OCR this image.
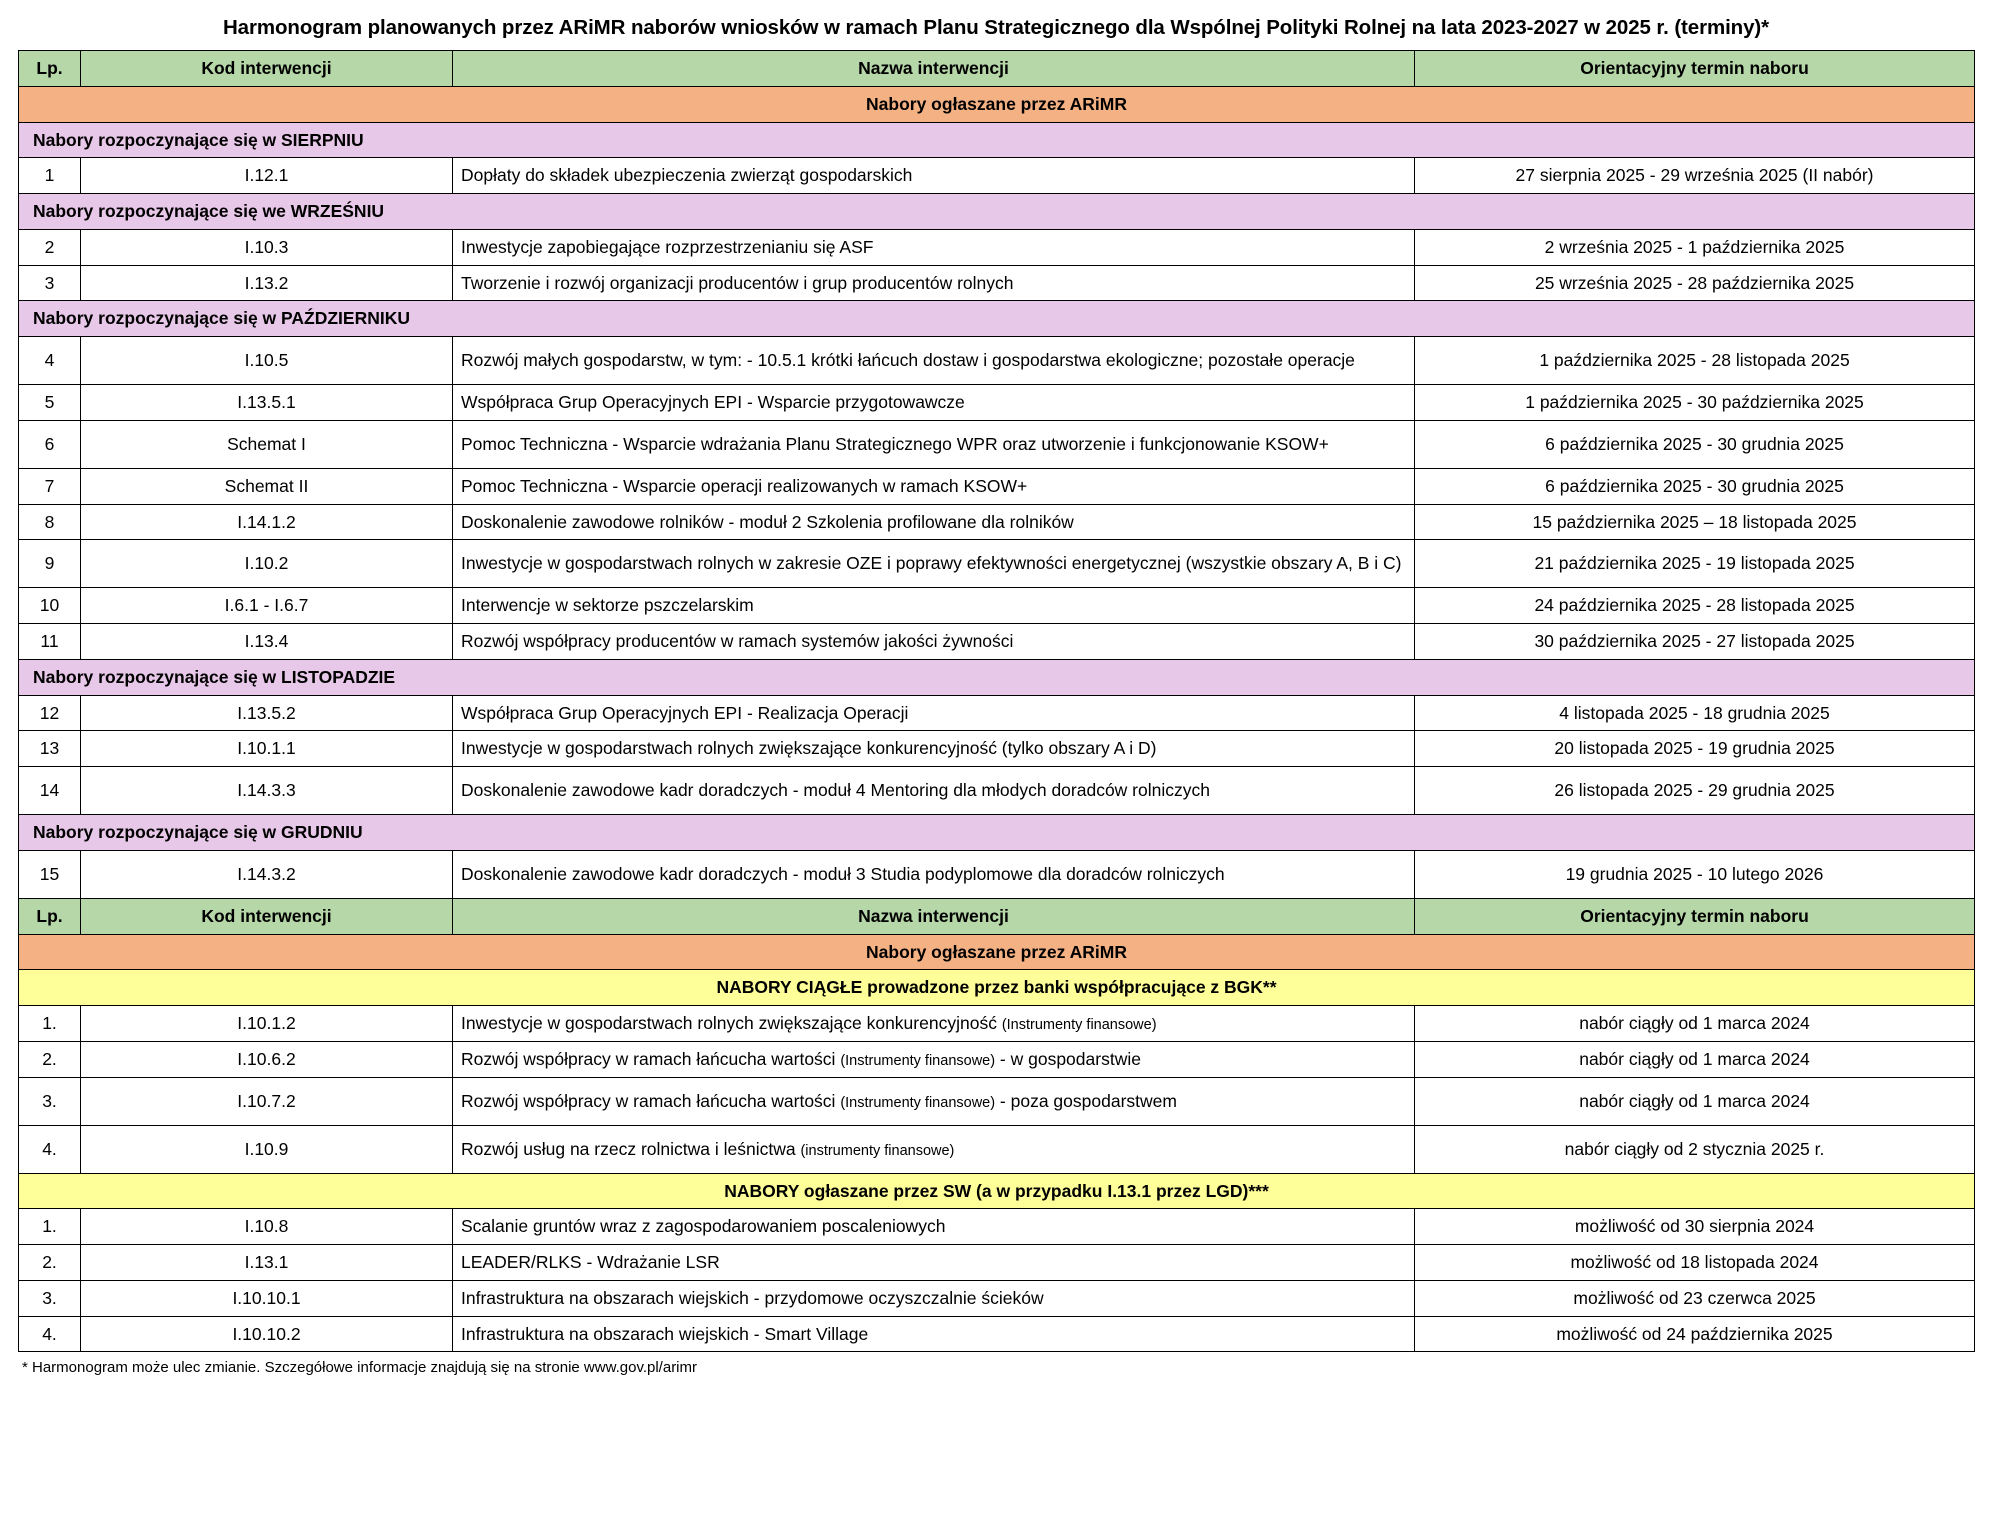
Harmonogram planowanych przez ARiMR naborów wniosków w ramach Planu Strategicznego dla Wspólnej Polityki Rolnej na lata 2023-2027 w 2025 r. (terminy)*
Lp.	Kod interwencji	Nazwa interwencji	Orientacyjny termin naboru
Nabory ogłaszane przez ARiMR			
Nabory rozpoczynające się w SIERPNIU			
1	I.12.1	Dopłaty do składek ubezpieczenia zwierząt gospodarskich	27 sierpnia 2025 - 29 września 2025 (II nabór)
Nabory rozpoczynające się we WRZEŚNIU			
2	I.10.3	Inwestycje zapobiegające rozprzestrzenianiu się ASF	2 września 2025 - 1 października 2025
3	I.13.2	Tworzenie i rozwój organizacji producentów i grup producentów rolnych	25 września 2025 - 28 października 2025
Nabory rozpoczynające się w PAŹDZIERNIKU			
4	I.10.5	Rozwój małych gospodarstw, w tym: - 10.5.1 krótki łańcuch dostaw i gospodarstwa ekologiczne; pozostałe operacje	1 października 2025 - 28 listopada 2025
5	I.13.5.1	Współpraca Grup Operacyjnych EPI - Wsparcie przygotowawcze	1 października 2025 - 30 października 2025
6	Schemat I	Pomoc Techniczna - Wsparcie wdrażania Planu Strategicznego WPR oraz utworzenie i funkcjonowanie KSOW+	6 października 2025 - 30 grudnia 2025
7	Schemat II	Pomoc Techniczna - Wsparcie operacji realizowanych w ramach KSOW+	6 października 2025 - 30 grudnia 2025
8	I.14.1.2	Doskonalenie zawodowe rolników - moduł 2 Szkolenia profilowane dla rolników	15 października 2025 – 18 listopada 2025
9	I.10.2	Inwestycje w gospodarstwach rolnych w zakresie OZE i poprawy efektywności energetycznej (wszystkie obszary A, B i C)	21 października 2025 - 19 listopada 2025
10	I.6.1 - I.6.7	Interwencje w sektorze pszczelarskim	24 października 2025 - 28 listopada 2025
11	I.13.4	Rozwój współpracy producentów w ramach systemów jakości żywności	30 października 2025 - 27 listopada 2025
Nabory rozpoczynające się w LISTOPADZIE			
12	I.13.5.2	Współpraca Grup Operacyjnych EPI - Realizacja Operacji	4 listopada 2025 - 18 grudnia 2025
13	I.10.1.1	Inwestycje w gospodarstwach rolnych zwiększające konkurencyjność (tylko obszary A i D)	20 listopada 2025 - 19 grudnia 2025
14	I.14.3.3	Doskonalenie zawodowe kadr doradczych - moduł 4 Mentoring dla młodych doradców rolniczych	26 listopada 2025 - 29 grudnia 2025
Nabory rozpoczynające się w GRUDNIU			
15	I.14.3.2	Doskonalenie zawodowe kadr doradczych - moduł 3 Studia podyplomowe dla doradców rolniczych	19 grudnia 2025 - 10 lutego 2026
Lp.	Kod interwencji	Nazwa interwencji	Orientacyjny termin naboru
Nabory ogłaszane przez ARiMR			
NABORY CIĄGŁE prowadzone przez banki współpracujące z BGK**			
1.	I.10.1.2	Inwestycje w gospodarstwach rolnych zwiększające konkurencyjność (Instrumenty finansowe)	nabór ciągły od 1 marca 2024
2.	I.10.6.2	Rozwój współpracy w ramach łańcucha wartości (Instrumenty finansowe) - w gospodarstwie	nabór ciągły od 1 marca 2024
3.	I.10.7.2	Rozwój współpracy w ramach łańcucha wartości (Instrumenty finansowe) - poza gospodarstwem	nabór ciągły od 1 marca 2024
4.	I.10.9	Rozwój usług na rzecz rolnictwa i leśnictwa (instrumenty finansowe)	nabór ciągły od 2 stycznia 2025 r.
NABORY ogłaszane przez SW (a w przypadku I.13.1 przez LGD)***			
1.	I.10.8	Scalanie gruntów wraz z zagospodarowaniem poscaleniowych	możliwość od 30 sierpnia 2024
2.	I.13.1	LEADER/RLKS - Wdrażanie LSR	możliwość od 18 listopada 2024
3.	I.10.10.1	Infrastruktura na obszarach wiejskich - przydomowe oczyszczalnie ścieków	możliwość od 23 czerwca 2025
4.	I.10.10.2	Infrastruktura na obszarach wiejskich - Smart Village	możliwość od 24 października 2025
* Harmonogram może ulec zmianie. Szczegółowe informacje znajdują się na stronie www.gov.pl/arimr
